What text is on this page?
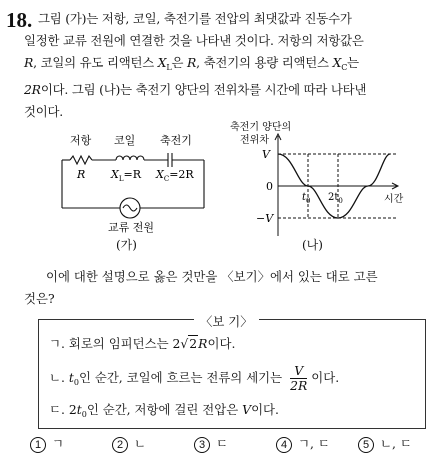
18. 그림 (가)는 저항, 코일, 축전기를 전압의 최댓값과 진동수가
일정한 교류 전원에 연결한 것을 나타낸 것이다. 저항의 저항값은
R, 코일의 유도 리액턴스 $X_L$은 R, 축전기의 용량 리액턴스 $X_C$는
2R이다. 그림 (나)는 축전기 양단의 전위차를 시간에 따라 나타낸
것이다.
저항 코일 축전기
R $X_L=R$ $X_C=2R$
교류 전원
(가)
축전기 양단의
전위차
V
0
−V
$t_0$ $2t_0$	시간
(나)
이에 대한 설명으로 옳은 것만을 〈보기〉에서 있는 대로 고른
것은?
〈보 기〉
ㄱ. 회로의 임피던스는 2√2R이다.
ㄴ. $t_0$인 순간, 코일에 흐르는 전류의 세기는 $\frac{V}{2R}$ 이다.
ㄷ. $2t_0$인 순간, 저항에 걸린 전압은 V이다.
1 ㄱ	2 ㄴ	3 ㄷ	4 ㄱ, ㄷ	5 ㄴ, ㄷ
